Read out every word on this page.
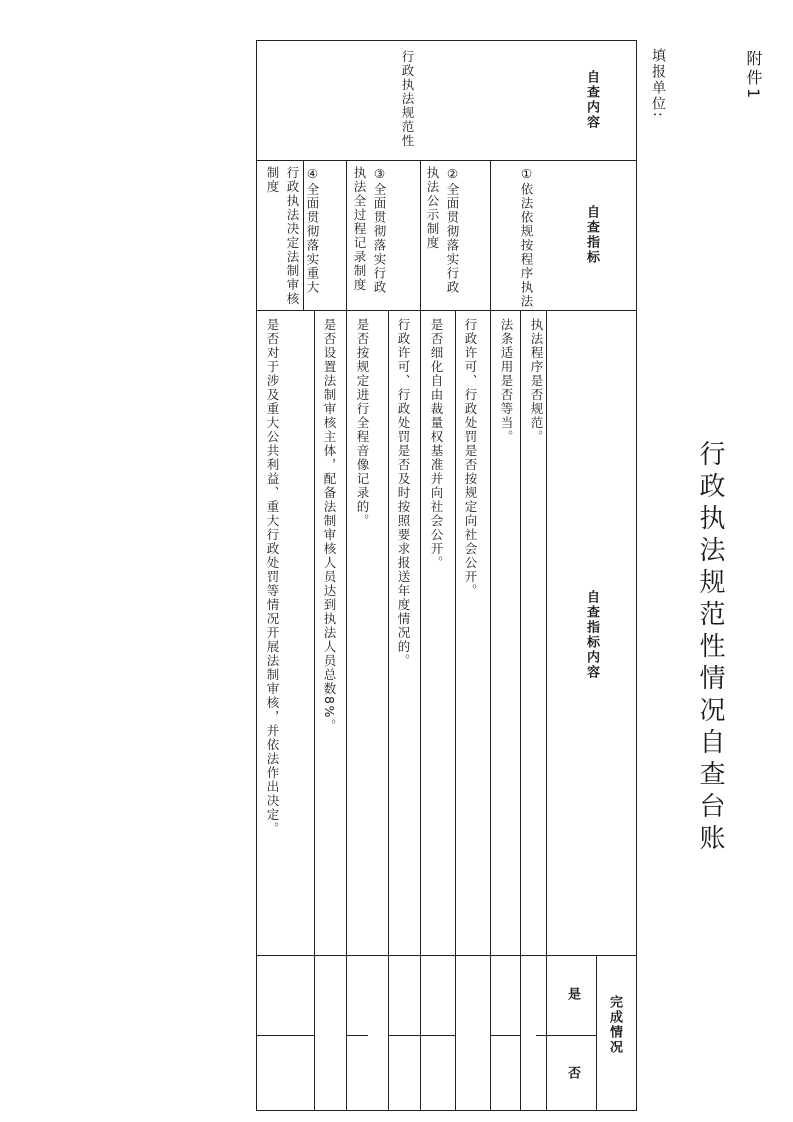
附件1
行政执法规范性情况自查台账
填报单位:
自查内容
自查指标
自查指标内容
完成情况
是
否
行政执法规范性
①依法依规按程序执法
②全面贯彻落实行政执法公示制度
③全面贯彻落实行政执法全过程记录制度
④全面贯彻落实重大行政执法决定法制审核制度
执法程序是否规范。
法条适用是否等当。
行政许可、行政处罚是否按规定向社会公开。
是否细化自由裁量权基准并向社会公开。
行政许可、行政处罚是否及时按照要求报送年度情况的。
是否按规定进行全程音像记录的。
是否设置法制审核主体，配备法制审核人员达到执法人员总数8%。
是否对于涉及重大公共利益、重大行政处罚等情况开展法制审核，并依法作出决定。
